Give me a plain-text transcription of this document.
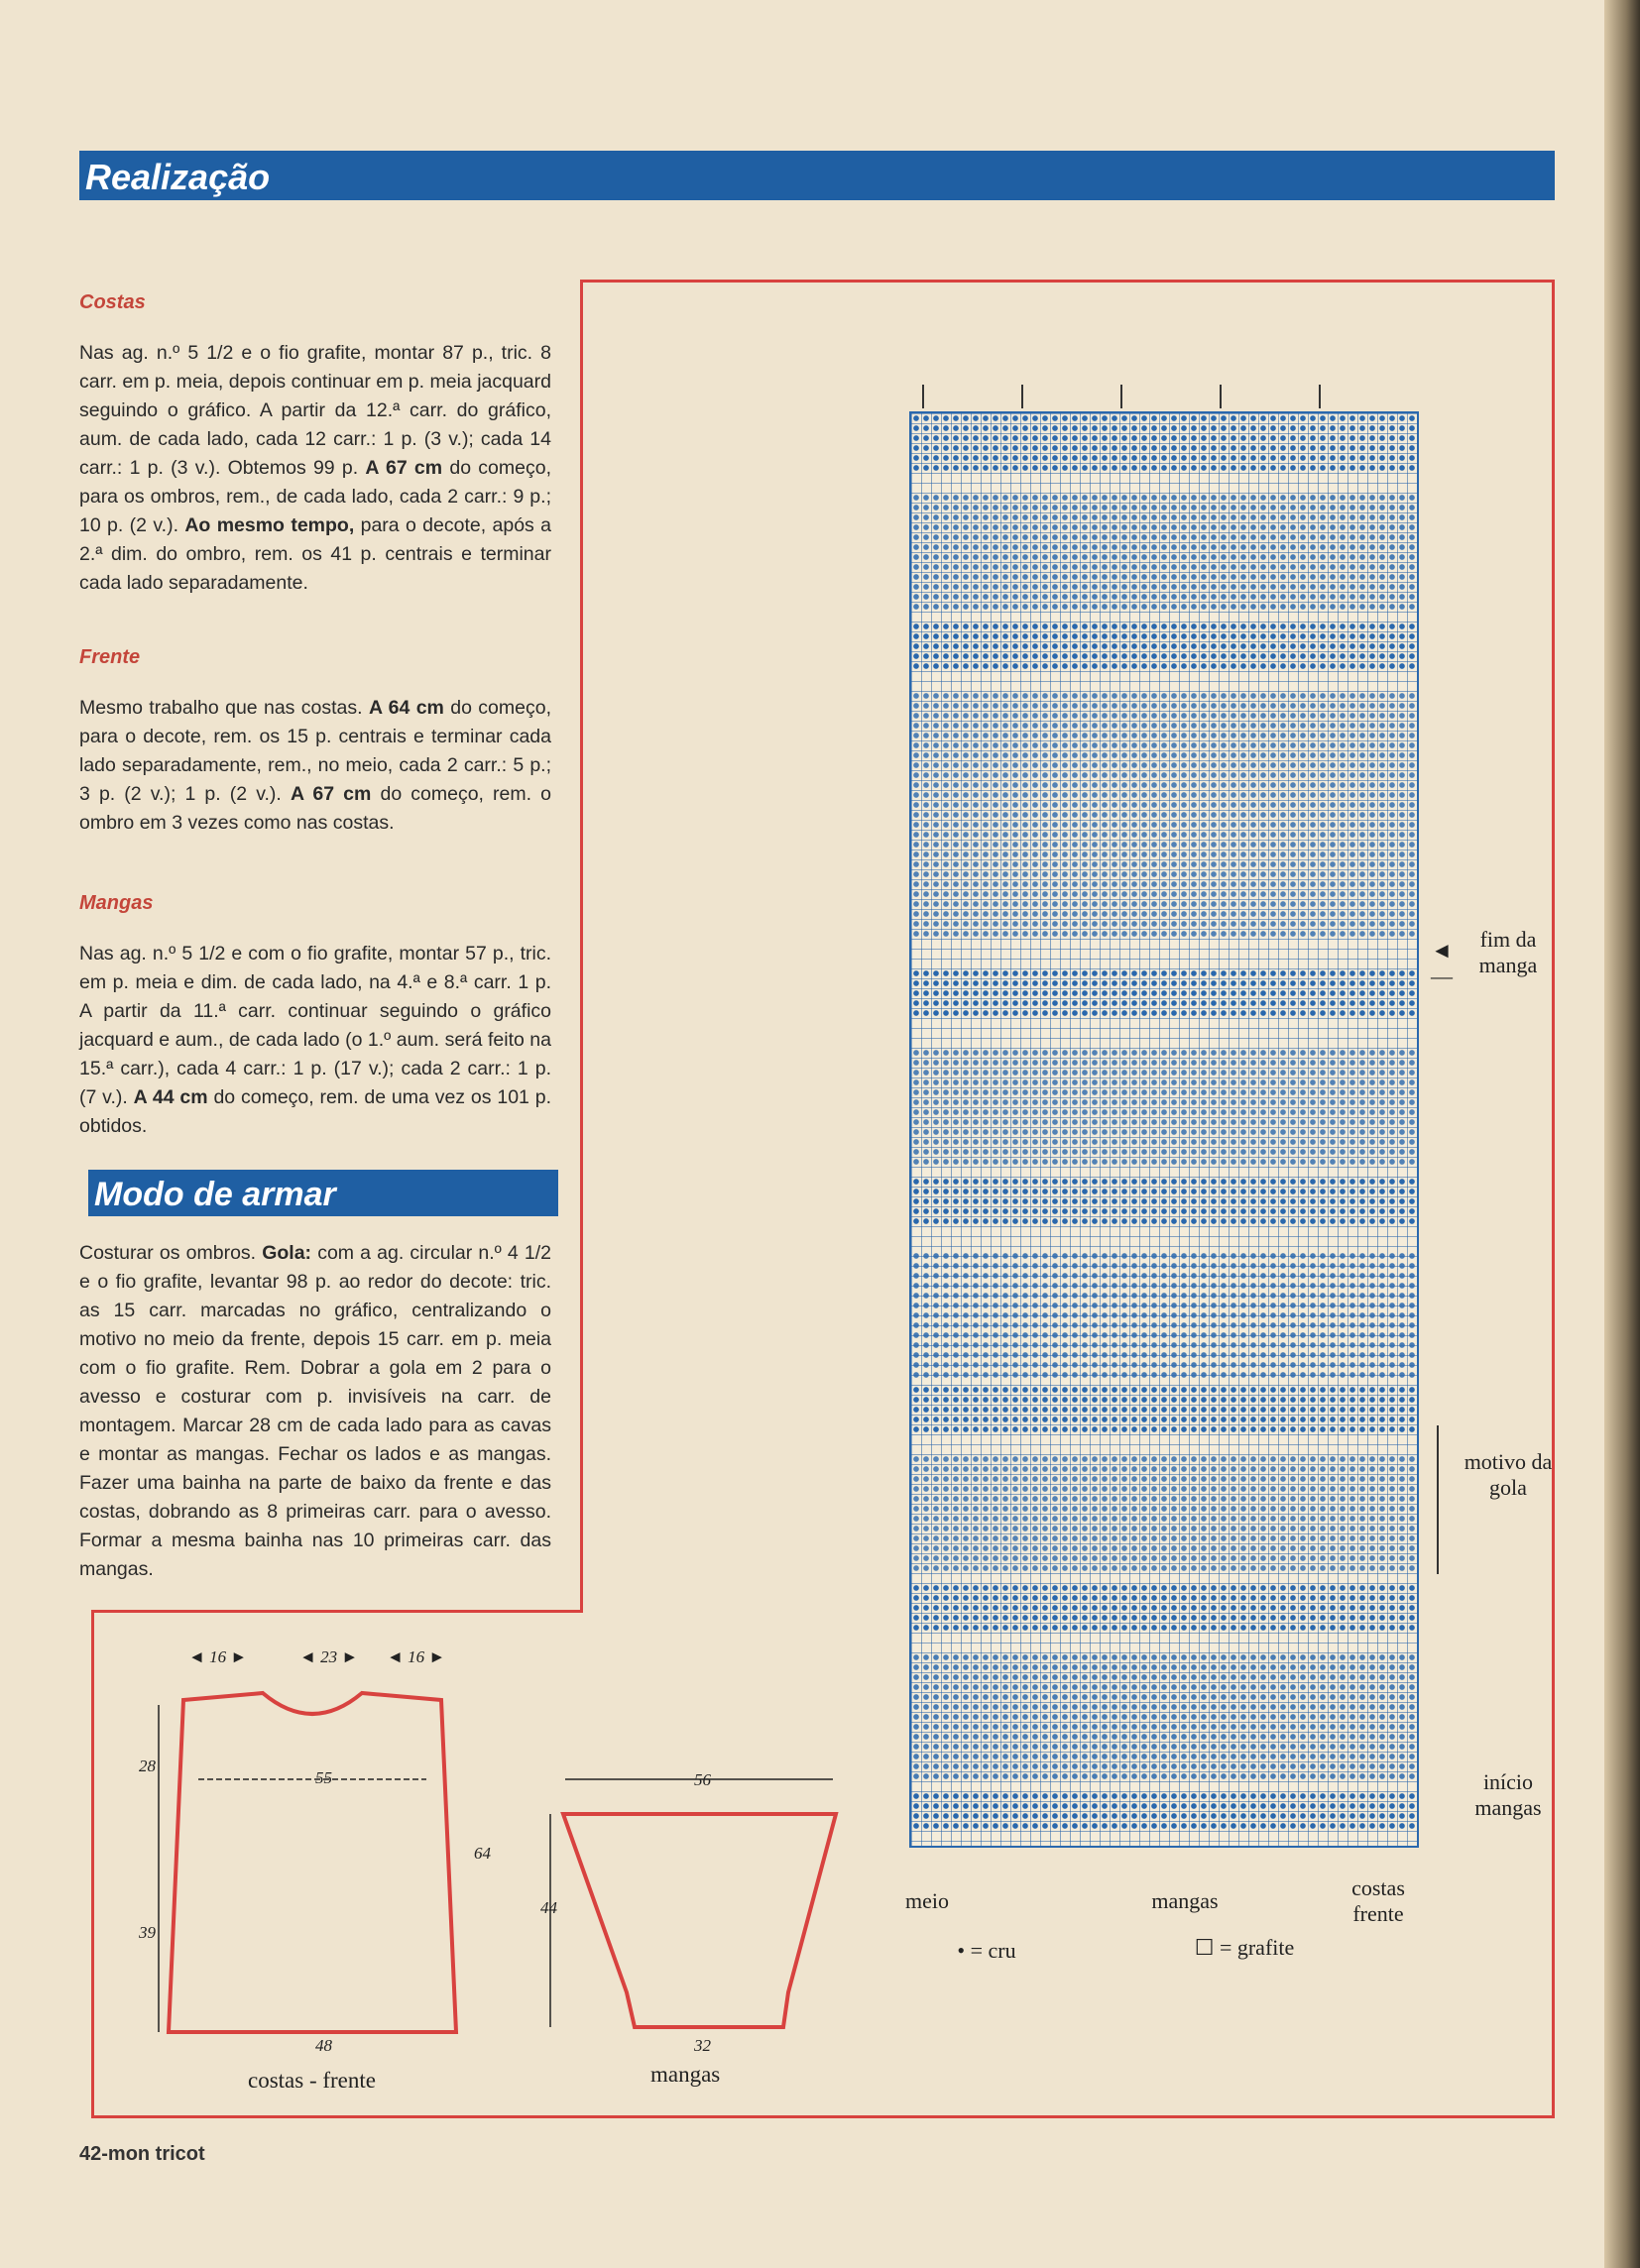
Realização
Costas
Nas ag. n.º 5 1/2 e o fio grafite, montar 87 p., tric. 8 carr. em p. meia, depois continuar em p. meia jacquard seguindo o gráfico. A partir da 12.ª carr. do gráfico, aum. de cada lado, cada 12 carr.: 1 p. (3 v.); cada 14 carr.: 1 p. (3 v.). Obtemos 99 p. A 67 cm do começo, para os ombros, rem., de cada lado, cada 2 carr.: 9 p.; 10 p. (2 v.). Ao mesmo tempo, para o decote, após a 2.ª dim. do ombro, rem. os 41 p. centrais e terminar cada lado separadamente.
Frente
Mesmo trabalho que nas costas. A 64 cm do começo, para o decote, rem. os 15 p. centrais e terminar cada lado separadamente, rem., no meio, cada 2 carr.: 5 p.; 3 p. (2 v.); 1 p. (2 v.). A 67 cm do começo, rem. o ombro em 3 vezes como nas costas.
Mangas
Nas ag. n.º 5 1/2 e com o fio grafite, montar 57 p., tric. em p. meia e dim. de cada lado, na 4.ª e 8.ª carr. 1 p. A partir da 11.ª carr. continuar seguindo o gráfico jacquard e aum., de cada lado (o 1.º aum. será feito na 15.ª carr.), cada 4 carr.: 1 p. (17 v.); cada 2 carr.: 1 p. (7 v.). A 44 cm do começo, rem. de uma vez os 101 p. obtidos.
Modo de armar
Costurar os ombros. Gola: com a ag. circular n.º 4 1/2 e o fio grafite, levantar 98 p. ao redor do decote: tric. as 15 carr. marcadas no gráfico, centralizando o motivo no meio da frente, depois 15 carr. em p. meia com o fio grafite. Rem. Dobrar a gola em 2 para o avesso e costurar com p. invisíveis na carr. de montagem. Marcar 28 cm de cada lado para as cavas e montar as mangas. Fechar os lados e as mangas. Fazer uma bainha na parte de baixo da frente e das costas, dobrando as 8 primeiras carr. para o avesso. Formar a mesma bainha nas 10 primeiras carr. das mangas.
fim da manga
◄—
motivo da gola
início mangas
meio	mangas
costas frente
• = cru	☐ = grafite
◄ 16 ►	◄ 23 ► ◄ 16 ►
55
28
39
64
48
costas - frente
56
44
32
mangas
42-mon tricot
